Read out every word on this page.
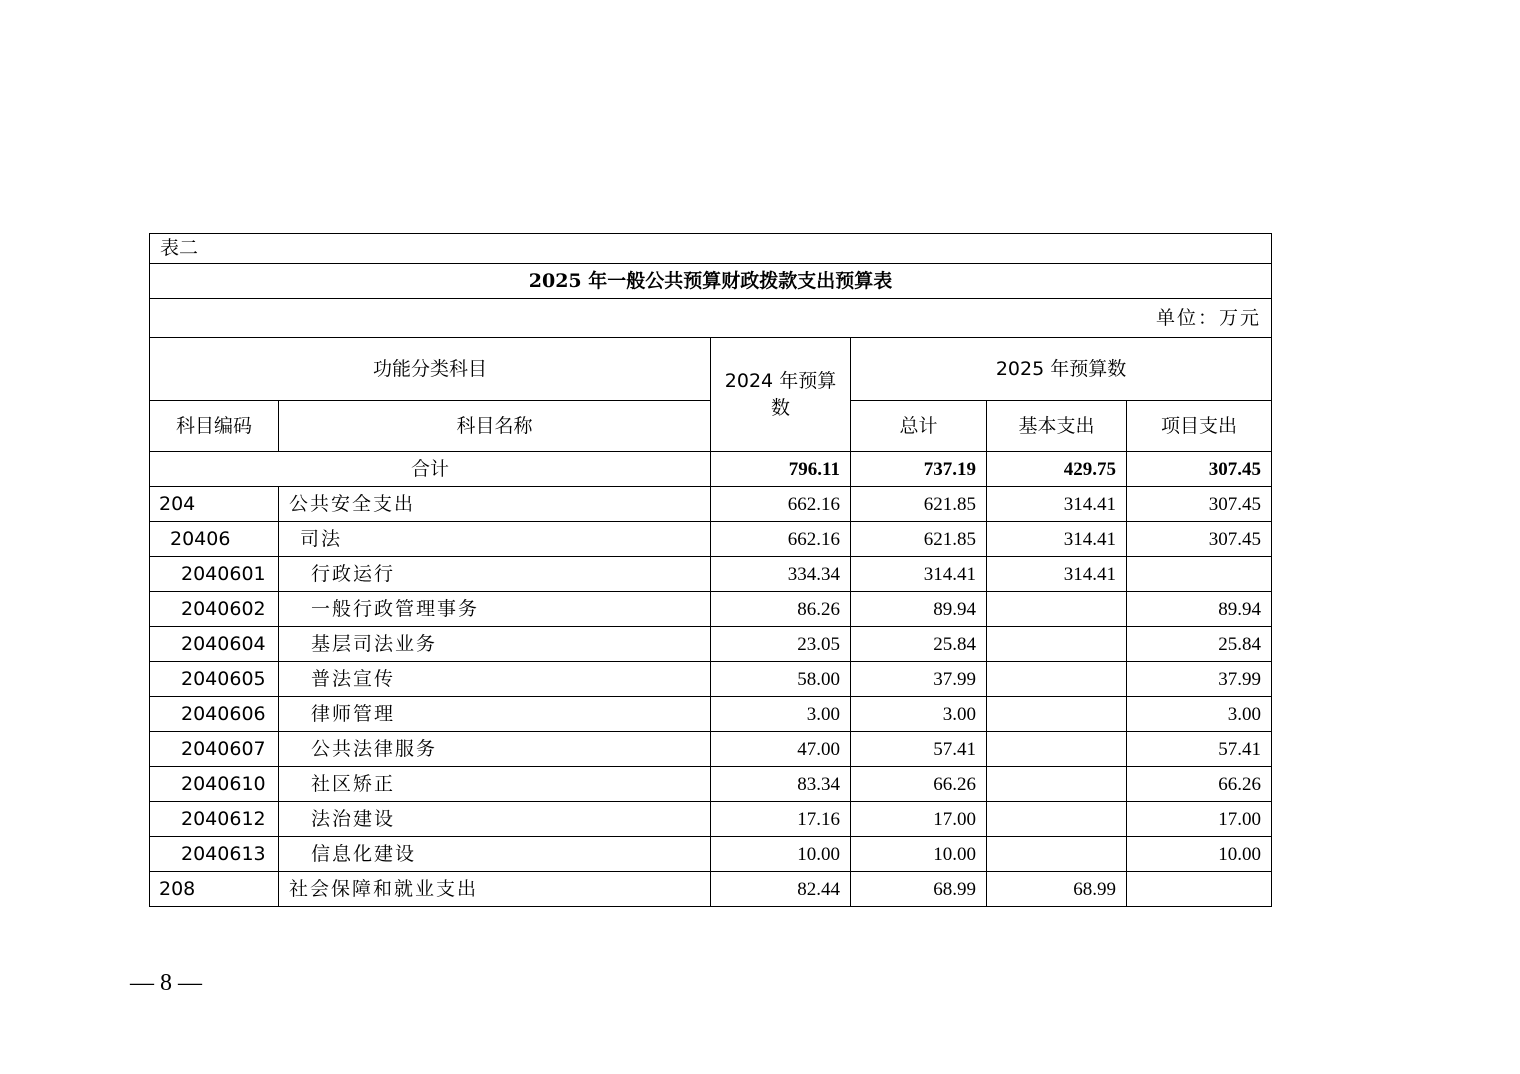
表二					
2025 年一般公共预算财政拨款支出预算表					
单位：万元					
功能分类科目		2024 年预算数	2025 年预算数		
科目编码	科目名称		总计	基本支出	项目支出
合计		796.11	737.19	429.75	307.45
204	公共安全支出	662.16	621.85	314.41	307.45
20406	司法	662.16	621.85	314.41	307.45
2040601	行政运行	334.34	314.41	314.41	
2040602	一般行政管理事务	86.26	89.94		89.94
2040604	基层司法业务	23.05	25.84		25.84
2040605	普法宣传	58.00	37.99		37.99
2040606	律师管理	3.00	3.00		3.00
2040607	公共法律服务	47.00	57.41		57.41
2040610	社区矫正	83.34	66.26		66.26
2040612	法治建设	17.16	17.00		17.00
2040613	信息化建设	10.00	10.00		10.00
208	社会保障和就业支出	82.44	68.99	68.99	
— 8 —
